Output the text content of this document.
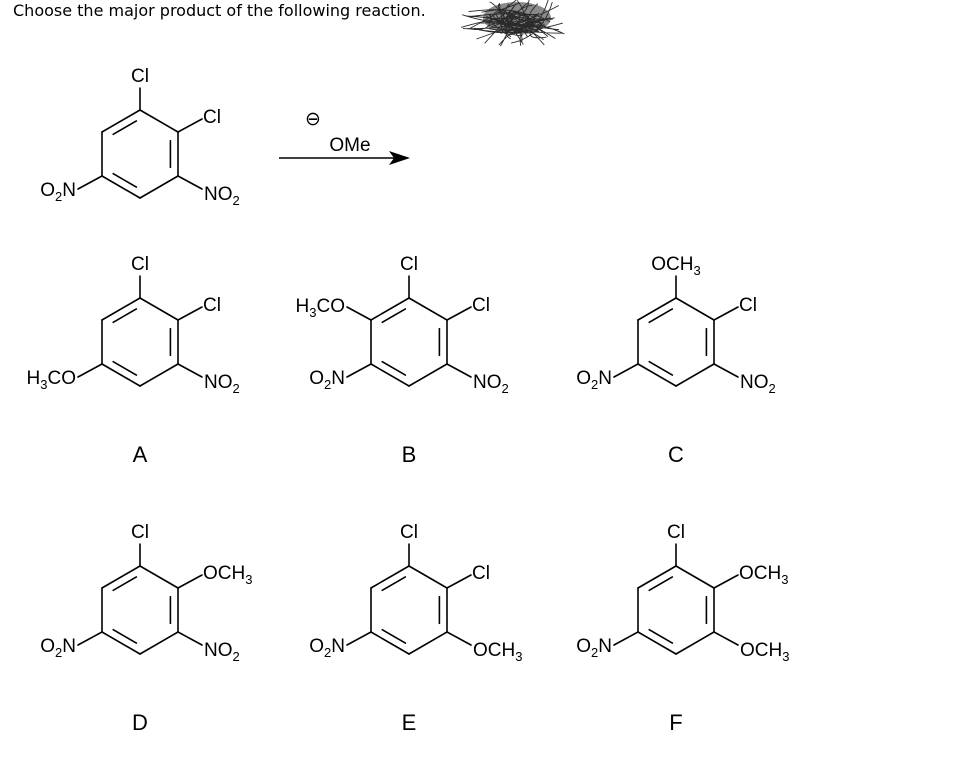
Choose the major product of the following reaction.
Cl
Cl
$NO_2$
$O_2N$
⊖
OMe
Cl
Cl
$NO_2$
$H_3CO$
A
Cl
Cl
$NO_2$
$O_2N$
$H_3CO$
B
$OCH_3$
Cl
$NO_2$
$O_2N$
C
Cl
$OCH_3$
$NO_2$
$O_2N$
D
Cl
Cl
$OCH_3$
$O_2N$
E
Cl
$OCH_3$
$OCH_3$
$O_2N$
F
